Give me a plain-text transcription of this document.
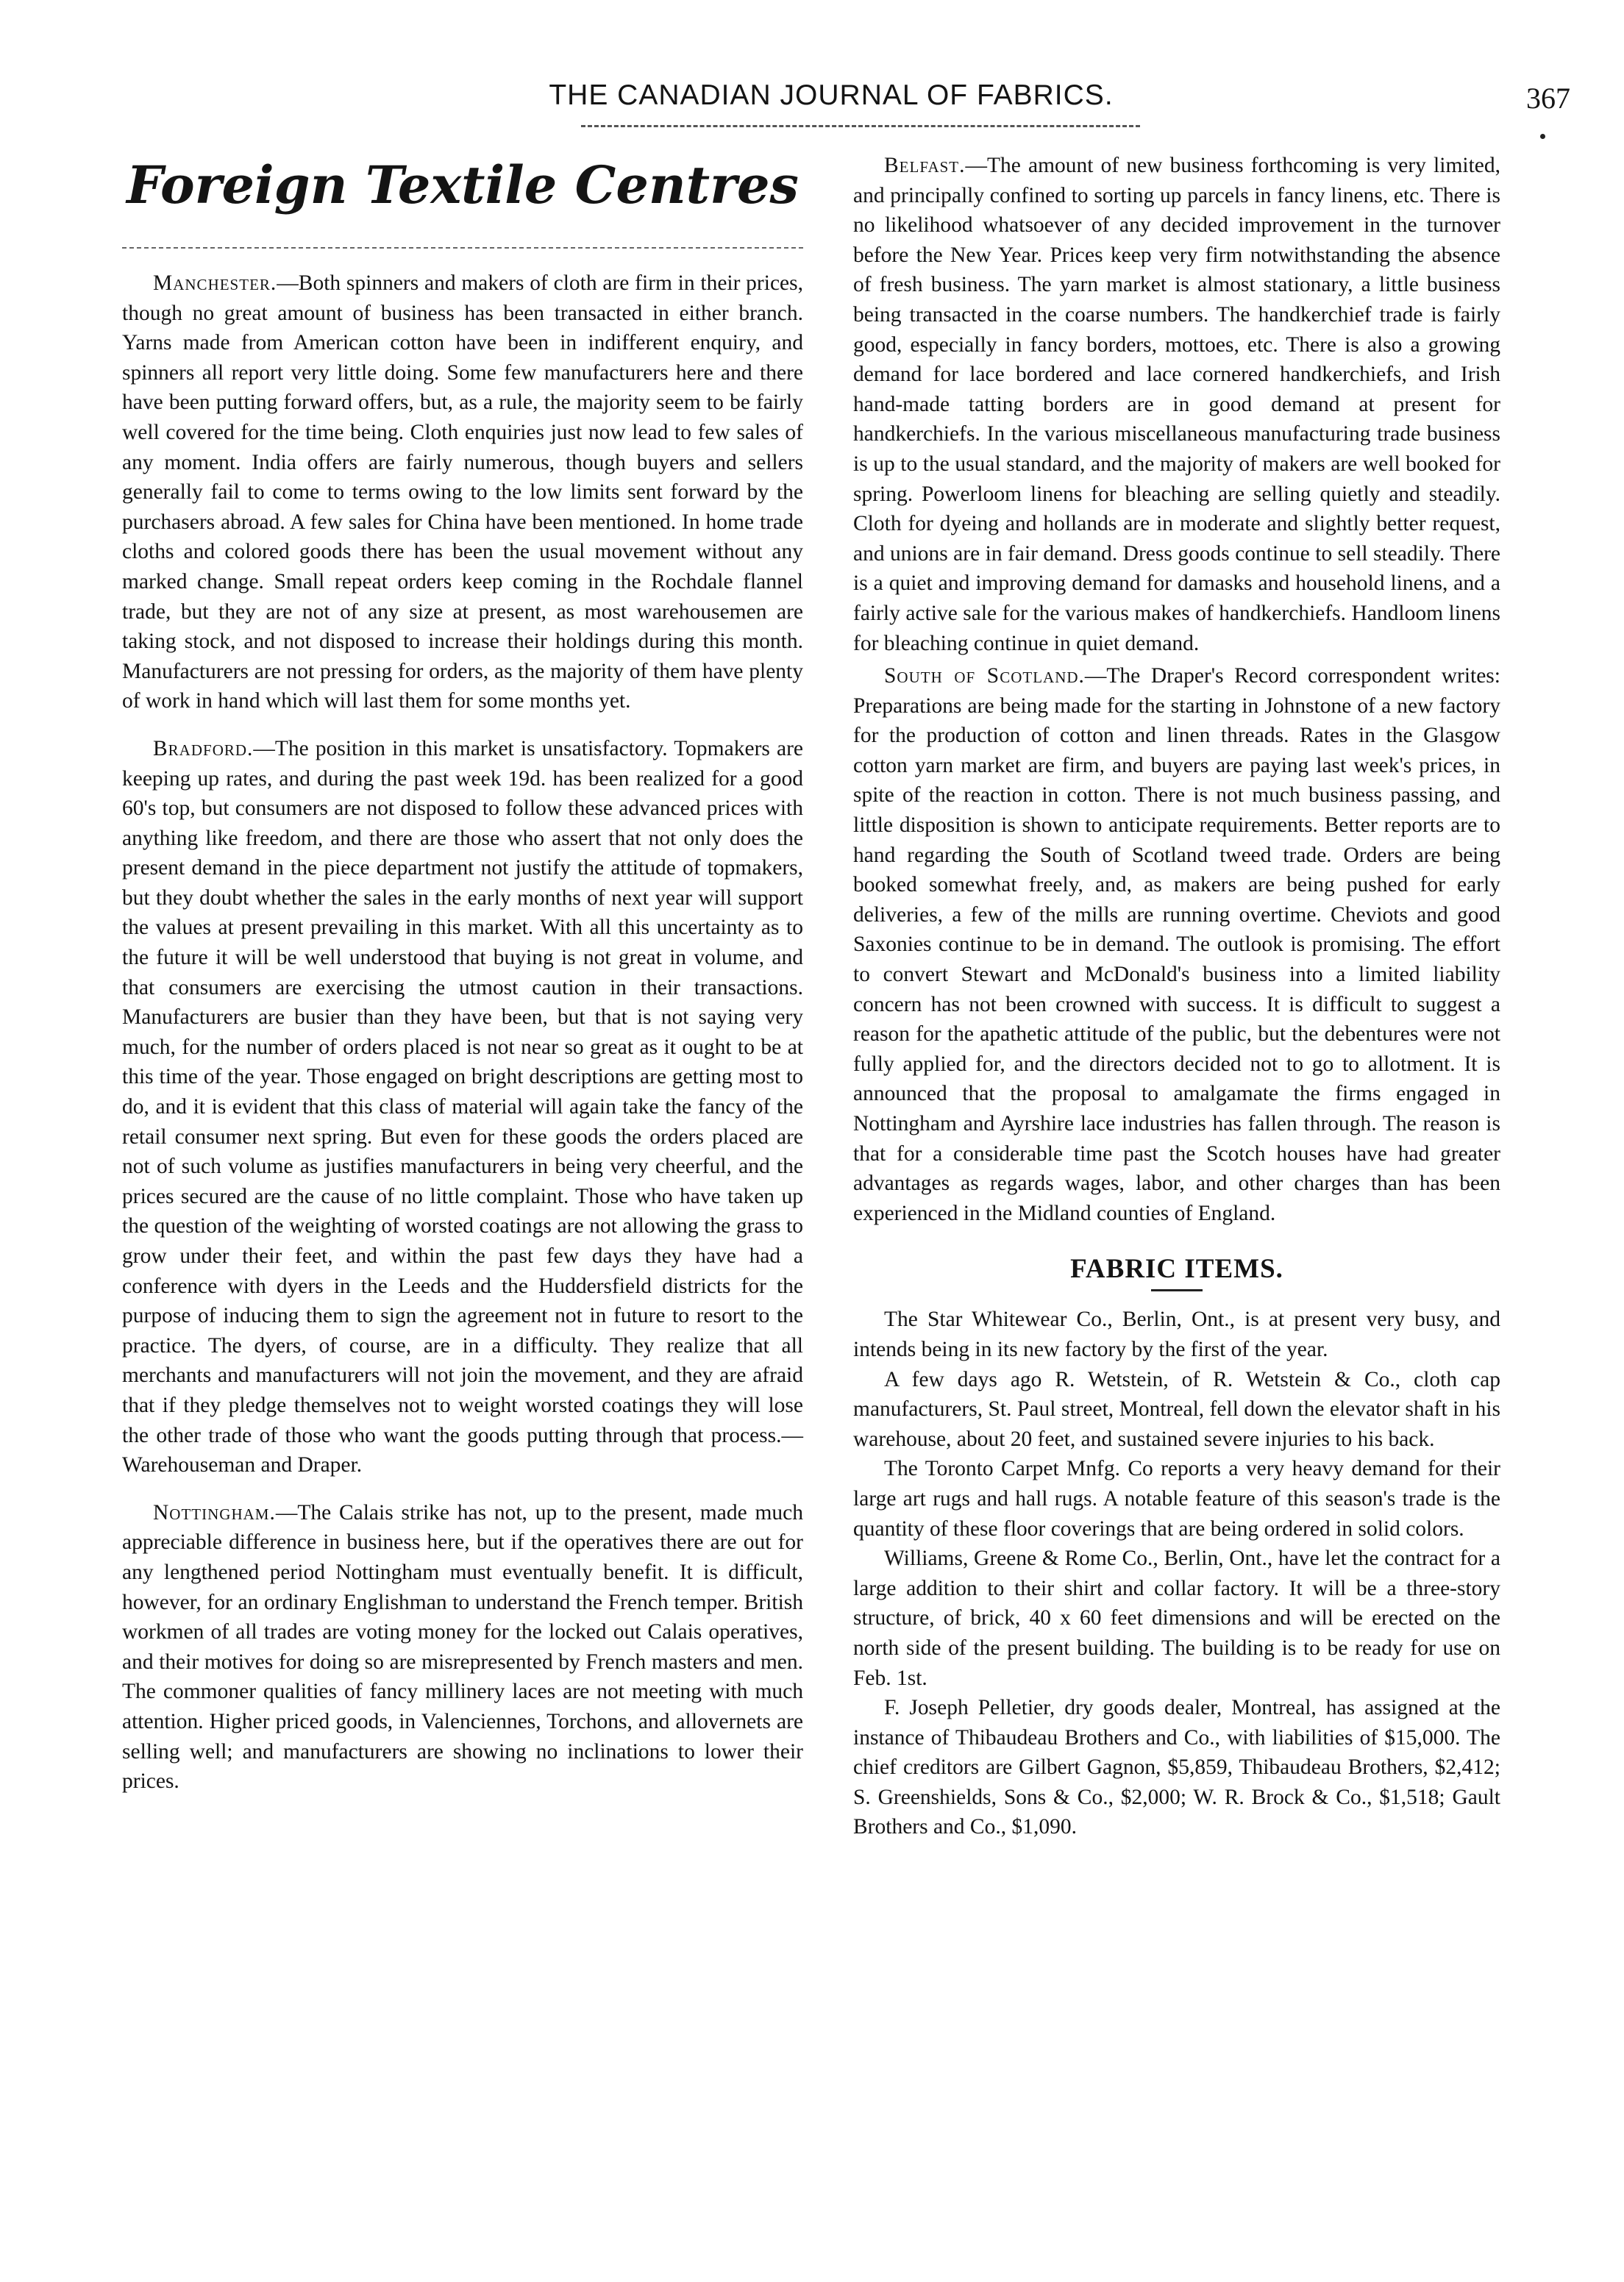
THE CANADIAN JOURNAL OF FABRICS.	367
Foreign Textile Centres

Manchester.—Both spinners and makers of cloth are firm in their prices, though no great amount of business has been transacted in either branch. Yarns made from American cotton have been in indifferent enquiry, and spinners all report very little doing. Some few manufacturers here and there have been putting forward offers, but, as a rule, the majority seem to be fairly well covered for the time being. Cloth enquiries just now lead to few sales of any moment. India offers are fairly numerous, though buyers and sellers generally fail to come to terms owing to the low limits sent forward by the purchasers abroad. A few sales for China have been mentioned. In home trade cloths and colored goods there has been the usual movement without any marked change. Small repeat orders keep coming in the Rochdale flannel trade, but they are not of any size at present, as most warehousemen are taking stock, and not disposed to increase their holdings during this month. Manufacturers are not pressing for orders, as the majority of them have plenty of work in hand which will last them for some months yet.

Bradford.—The position in this market is unsatisfactory. Topmakers are keeping up rates, and during the past week 19d. has been realized for a good 60's top, but consumers are not disposed to follow these advanced prices with anything like freedom, and there are those who assert that not only does the present demand in the piece department not justify the attitude of topmakers, but they doubt whether the sales in the early months of next year will support the values at present prevailing in this market. With all this uncertainty as to the future it will be well understood that buying is not great in volume, and that consumers are exercising the utmost caution in their transactions. Manufacturers are busier than they have been, but that is not saying very much, for the number of orders placed is not near so great as it ought to be at this time of the year. Those engaged on bright descriptions are getting most to do, and it is evident that this class of material will again take the fancy of the retail consumer next spring. But even for these goods the orders placed are not of such volume as justifies manufacturers in being very cheerful, and the prices secured are the cause of no little complaint. Those who have taken up the question of the weighting of worsted coatings are not allowing the grass to grow under their feet, and within the past few days they have had a conference with dyers in the Leeds and the Huddersfield districts for the purpose of inducing them to sign the agreement not in future to resort to the practice. The dyers, of course, are in a difficulty. They realize that all merchants and manufacturers will not join the movement, and they are afraid that if they pledge themselves not to weight worsted coatings they will lose the other trade of those who want the goods putting through that process.—Warehouseman and Draper.

Nottingham.—The Calais strike has not, up to the present, made much appreciable difference in business here, but if the operatives there are out for any lengthened period Nottingham must eventually benefit. It is difficult, however, for an ordinary Englishman to understand the French temper. British workmen of all trades are voting money for the locked out Calais operatives, and their motives for doing so are misrepresented by French masters and men. The commoner qualities of fancy millinery laces are not meeting with much attention. Higher priced goods, in Valenciennes, Torchons, and allovernets are selling well; and manufacturers are showing no inclinations to lower their prices.

Belfast.—The amount of new business forthcoming is very limited, and principally confined to sorting up parcels in fancy linens, etc. There is no likelihood whatsoever of any decided improvement in the turnover before the New Year. Prices keep very firm notwithstanding the absence of fresh business. The yarn market is almost stationary, a little business being transacted in the coarse numbers. The handkerchief trade is fairly good, especially in fancy borders, mottoes, etc. There is also a growing demand for lace bordered and lace cornered handkerchiefs, and Irish hand-made tatting borders are in good demand at present for handkerchiefs. In the various miscellaneous manufacturing trade business is up to the usual standard, and the majority of makers are well booked for spring. Powerloom linens for bleaching are selling quietly and steadily. Cloth for dyeing and hollands are in moderate and slightly better request, and unions are in fair demand. Dress goods continue to sell steadily. There is a quiet and improving demand for damasks and household linens, and a fairly active sale for the various makes of handkerchiefs. Handloom linens for bleaching continue in quiet demand.

South of Scotland.—The Draper's Record correspondent writes: Preparations are being made for the starting in Johnstone of a new factory for the production of cotton and linen threads. Rates in the Glasgow cotton yarn market are firm, and buyers are paying last week's prices, in spite of the reaction in cotton. There is not much business passing, and little disposition is shown to anticipate requirements. Better reports are to hand regarding the South of Scotland tweed trade. Orders are being booked somewhat freely, and, as makers are being pushed for early deliveries, a few of the mills are running overtime. Cheviots and good Saxonies continue to be in demand. The outlook is promising. The effort to convert Stewart and McDonald's business into a limited liability concern has not been crowned with success. It is difficult to suggest a reason for the apathetic attitude of the public, but the debentures were not fully applied for, and the directors decided not to go to allotment. It is announced that the proposal to amalgamate the firms engaged in Nottingham and Ayrshire lace industries has fallen through. The reason is that for a considerable time past the Scotch houses have had greater advantages as regards wages, labor, and other charges than has been experienced in the Midland counties of England.

FABRIC ITEMS.

The Star Whitewear Co., Berlin, Ont., is at present very busy, and intends being in its new factory by the first of the year.

A few days ago R. Wetstein, of R. Wetstein & Co., cloth cap manufacturers, St. Paul street, Montreal, fell down the elevator shaft in his warehouse, about 20 feet, and sustained severe injuries to his back.

The Toronto Carpet Mnfg. Co reports a very heavy demand for their large art rugs and hall rugs. A notable feature of this season's trade is the quantity of these floor coverings that are being ordered in solid colors.

Williams, Greene & Rome Co., Berlin, Ont., have let the contract for a large addition to their shirt and collar factory. It will be a three-story structure, of brick, 40 x 60 feet dimensions and will be erected on the north side of the present building. The building is to be ready for use on Feb. 1st.

F. Joseph Pelletier, dry goods dealer, Montreal, has assigned at the instance of Thibaudeau Brothers and Co., with liabilities of $15,000. The chief creditors are Gilbert Gagnon, $5,859, Thibaudeau Brothers, $2,412; S. Greenshields, Sons & Co., $2,000; W. R. Brock & Co., $1,518; Gault Brothers and Co., $1,090.
